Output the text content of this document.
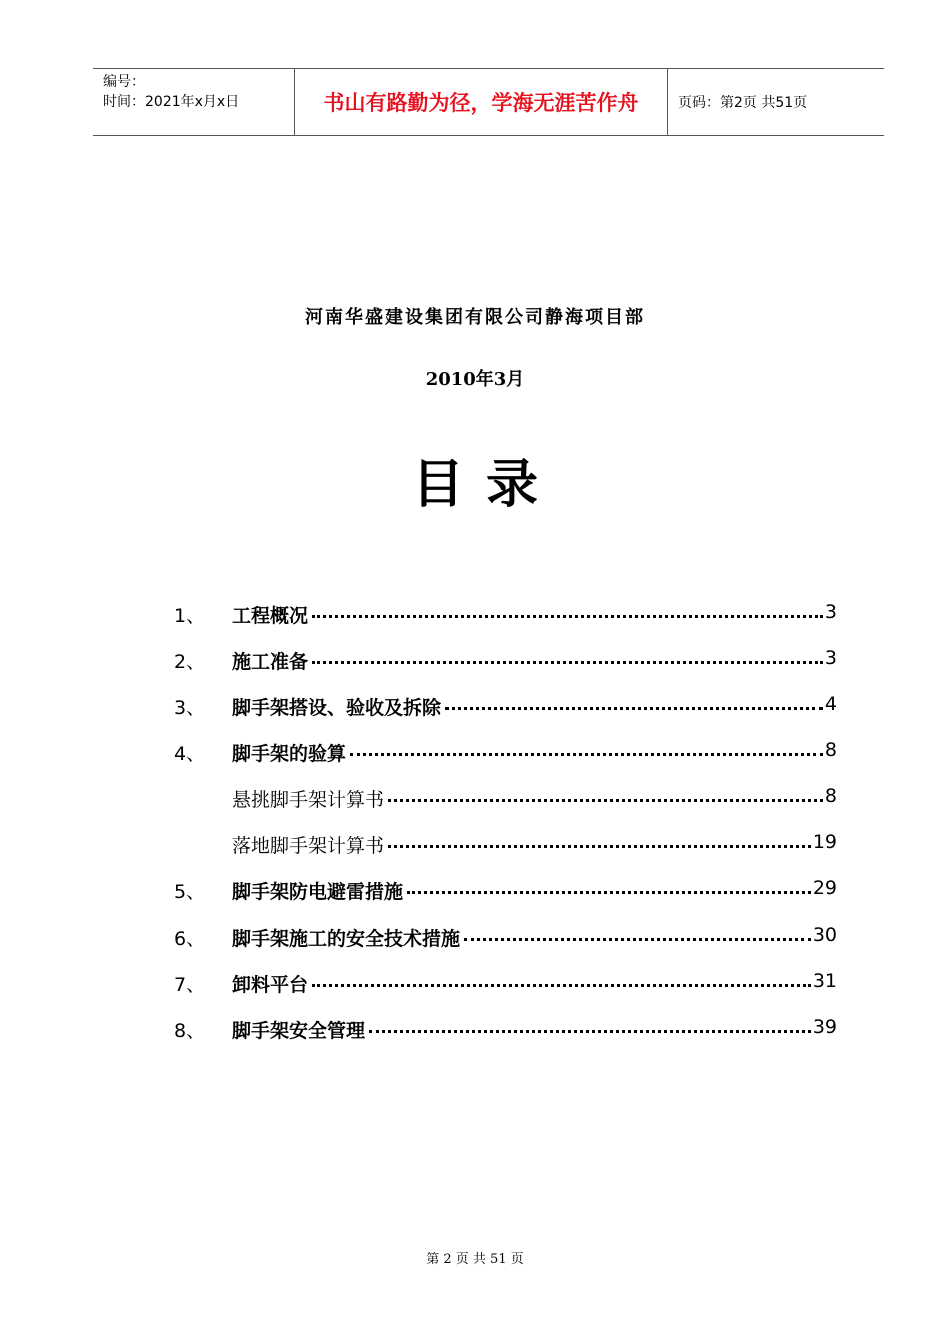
编号：
时间：2021年x月x日	书山有路勤为径，学海无涯苦作舟	页码：第2页 共51页
河南华盛建设集团有限公司静海项目部
2010年3月
目录
1、 工程概况	3
2、 施工准备	3
3、 脚手架搭设、验收及拆除	4
4、 脚手架的验算	8
悬挑脚手架计算书	8
落地脚手架计算书	19
5、 脚手架防电避雷措施	29
6、 脚手架施工的安全技术措施	30
7、 卸料平台	31
8、 脚手架安全管理	39
第 2 页 共 51 页
